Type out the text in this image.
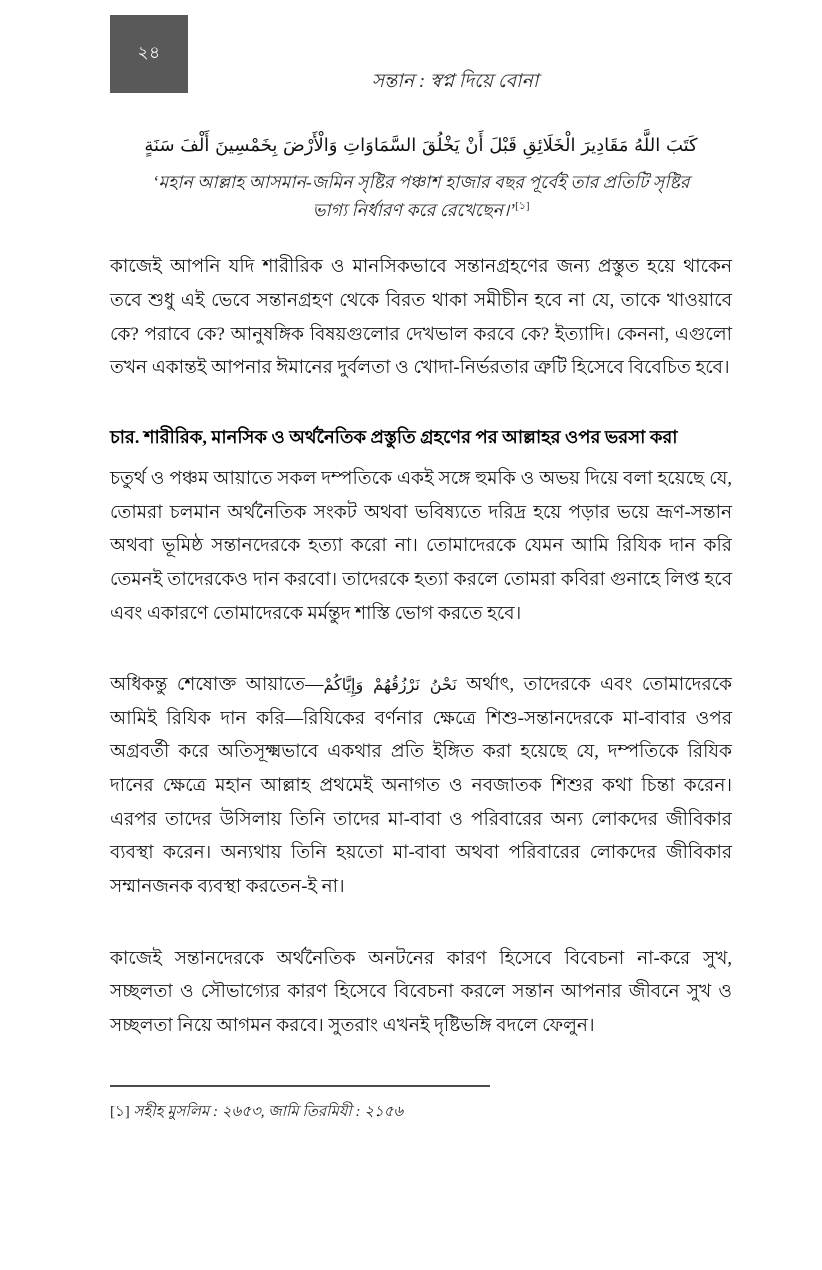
২৪
সন্তান : স্বপ্ন দিয়ে বোনা
كَتَبَ اللَّهُ مَقَادِيرَ الْخَلَائِقِ قَبْلَ أَنْ يَخْلُقَ السَّمَاوَاتِ وَالْأَرْضَ بِخَمْسِينَ أَلْفَ سَنَةٍ
‘মহান আল্লাহ আসমান-জমিন সৃষ্টির পঞ্চাশ হাজার বছর পূর্বেই তার প্রতিটি সৃষ্টির ভাগ্য নির্ধারণ করে রেখেছেন।’[১]

কাজেই আপনি যদি শারীরিক ও মানসিকভাবে সন্তানগ্রহণের জন্য প্রস্তুত হয়ে থাকেন তবে শুধু এই ভেবে সন্তানগ্রহণ থেকে বিরত থাকা সমীচীন হবে না যে, তাকে খাওয়াবে কে? পরাবে কে? আনুষঙ্গিক বিষয়গুলোর দেখভাল করবে কে? ইত্যাদি। কেননা, এগুলো তখন একান্তই আপনার ঈমানের দুর্বলতা ও খোদা-নির্ভরতার ত্রুটি হিসেবে বিবেচিত হবে।

চার. শারীরিক, মানসিক ও অর্থনৈতিক প্রস্তুতি গ্রহণের পর আল্লাহর ওপর ভরসা করা

চতুর্থ ও পঞ্চম আয়াতে সকল দম্পতিকে একই সঙ্গে হুমকি ও অভয় দিয়ে বলা হয়েছে যে, তোমরা চলমান অর্থনৈতিক সংকট অথবা ভবিষ্যতে দরিদ্র হয়ে পড়ার ভয়ে ভ্রূণ-সন্তান অথবা ভূমিষ্ঠ সন্তানদেরকে হত্যা করো না। তোমাদেরকে যেমন আমি রিযিক দান করি তেমনই তাদেরকেও দান করবো। তাদেরকে হত্যা করলে তোমরা কবিরা গুনাহে লিপ্ত হবে এবং একারণে তোমাদেরকে মর্মন্তুদ শাস্তি ভোগ করতে হবে।

অধিকন্তু শেষোক্ত আয়াতে—نَحْنُ نَرْزُقُهُمْ وَإِيَّاكُمْ অর্থাৎ, তাদেরকে এবং তোমাদেরকে আমিই রিযিক দান করি—রিযিকের বর্ণনার ক্ষেত্রে শিশু-সন্তানদেরকে মা-বাবার ওপর অগ্রবর্তী করে অতিসূক্ষ্মভাবে একথার প্রতি ইঙ্গিত করা হয়েছে যে, দম্পতিকে রিযিক দানের ক্ষেত্রে মহান আল্লাহ প্রথমেই অনাগত ও নবজাতক শিশুর কথা চিন্তা করেন। এরপর তাদের উসিলায় তিনি তাদের মা-বাবা ও পরিবারের অন্য লোকদের জীবিকার ব্যবস্থা করেন। অন্যথায় তিনি হয়তো মা-বাবা অথবা পরিবারের লোকদের জীবিকার সম্মানজনক ব্যবস্থা করতেন-ই না।

কাজেই সন্তানদেরকে অর্থনৈতিক অনটনের কারণ হিসেবে বিবেচনা না-করে সুখ, সচ্ছলতা ও সৌভাগ্যের কারণ হিসেবে বিবেচনা করলে সন্তান আপনার জীবনে সুখ ও সচ্ছলতা নিয়ে আগমন করবে। সুতরাং এখনই দৃষ্টিভঙ্গি বদলে ফেলুন।

[১] সহীহ মুসলিম : ২৬৫৩, জামি তিরমিযী : ২১৫৬
